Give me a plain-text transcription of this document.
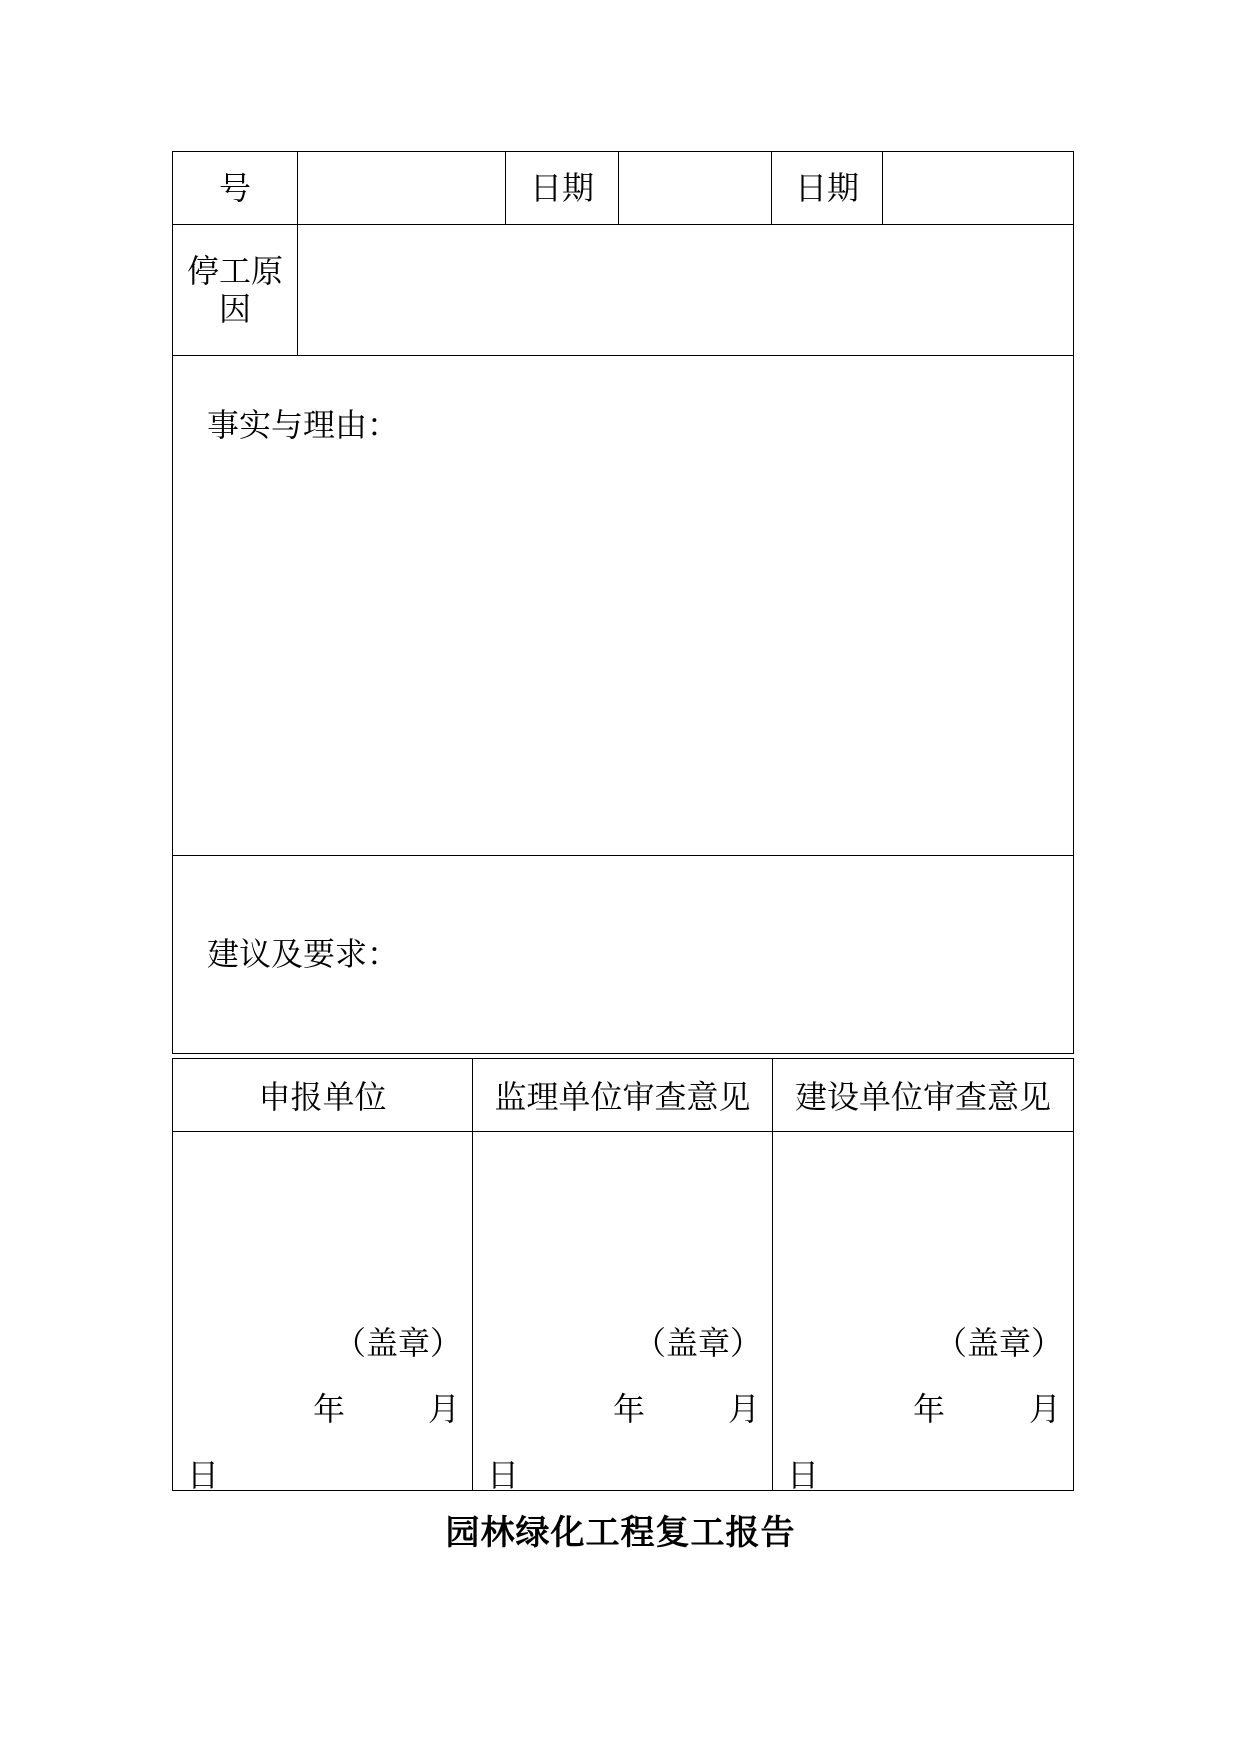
号		日期		日期	

停工原
因					

事实与理由：					
建议及要求：					
申报单位	监理单位审查意见	建设单位审查意见

（盖章）
年 月
日	（盖章）
年 月
日	（盖章）
年 月
日
园林绿化工程复工报告
